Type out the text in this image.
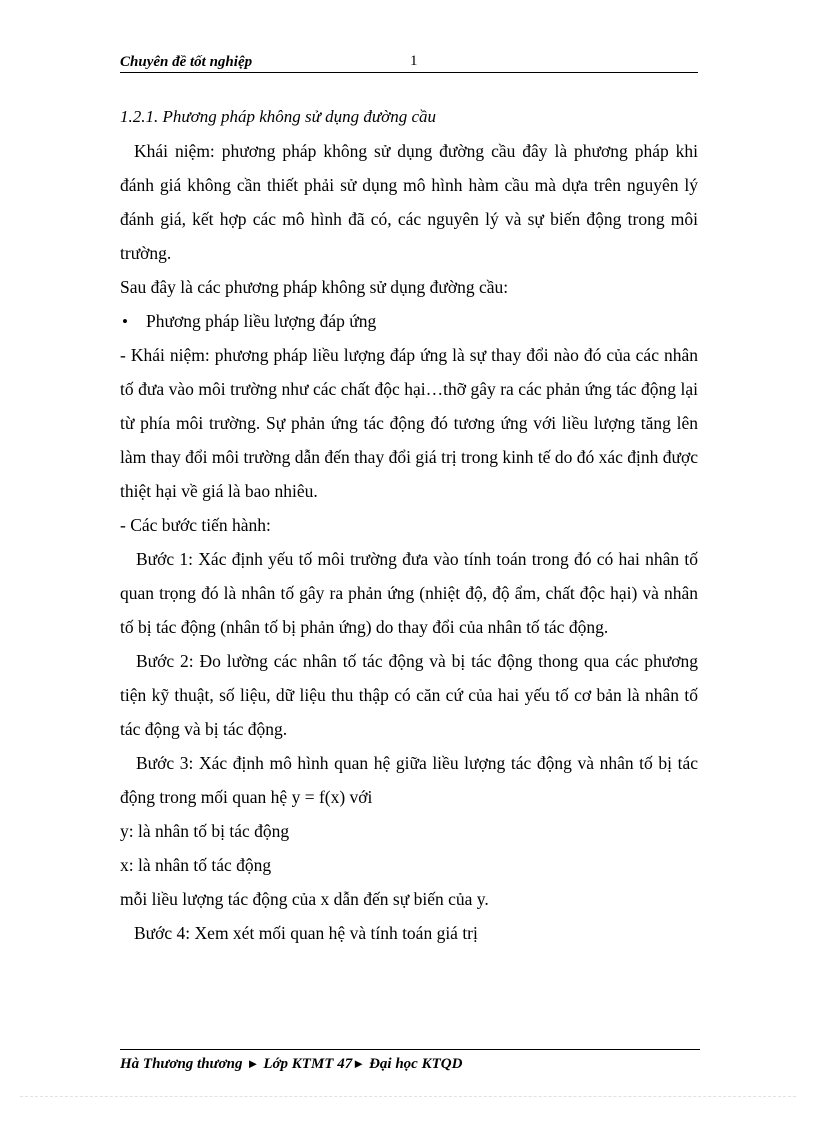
Chuyên đề tốt nghiệp	1

1.2.1. Phương pháp không sử dụng đường cầu

Khái niệm: phương pháp không sử dụng đường cầu đây là phương pháp khi đánh giá không cần thiết phải sử dụng mô hình hàm cầu mà dựa trên nguyên lý đánh giá, kết hợp các mô hình đã có, các nguyên lý và sự biến động trong môi trường.

Sau đây là các phương pháp không sử dụng đường cầu:

•	Phương pháp liều lượng đáp ứng

- Khái niệm: phương pháp liều lượng đáp ứng là sự thay đổi nào đó của các nhân tố đưa vào môi trường như các chất độc hại…thỡ gây ra các phản ứng tác động lại từ phía môi trường. Sự phản ứng tác động đó tương ứng với liều lượng tăng lên làm thay đổi môi trường dẫn đến thay đổi giá trị trong kinh tế do đó xác định được thiệt hại về giá là bao nhiêu.

- Các bước tiến hành:

Bước 1: Xác định yếu tố môi trường đưa vào tính toán trong đó có hai nhân tố quan trọng đó là nhân tố gây ra phản ứng (nhiệt độ, độ ẩm, chất độc hại) và nhân tố bị tác động (nhân tố bị phản ứng) do thay đổi của nhân tố tác động.

Bước 2: Đo lường các nhân tố tác động và bị tác động thong qua các phương tiện kỹ thuật, số liệu, dữ liệu thu thập có căn cứ của hai yếu tố cơ bản là nhân tố tác động và bị tác động.

Bước 3: Xác định mô hình quan hệ giữa liều lượng tác động và nhân tố bị tác động trong mối quan hệ y = f(x) với

y: là nhân tố bị tác động

x: là nhân tố tác động

mỗi liều lượng tác động của x dẫn đến sự biến của y.

Bước 4: Xem xét mối quan hệ và tính toán giá trị

Hà Thương thương ► Lớp KTMT 47► Đại học KTQD
